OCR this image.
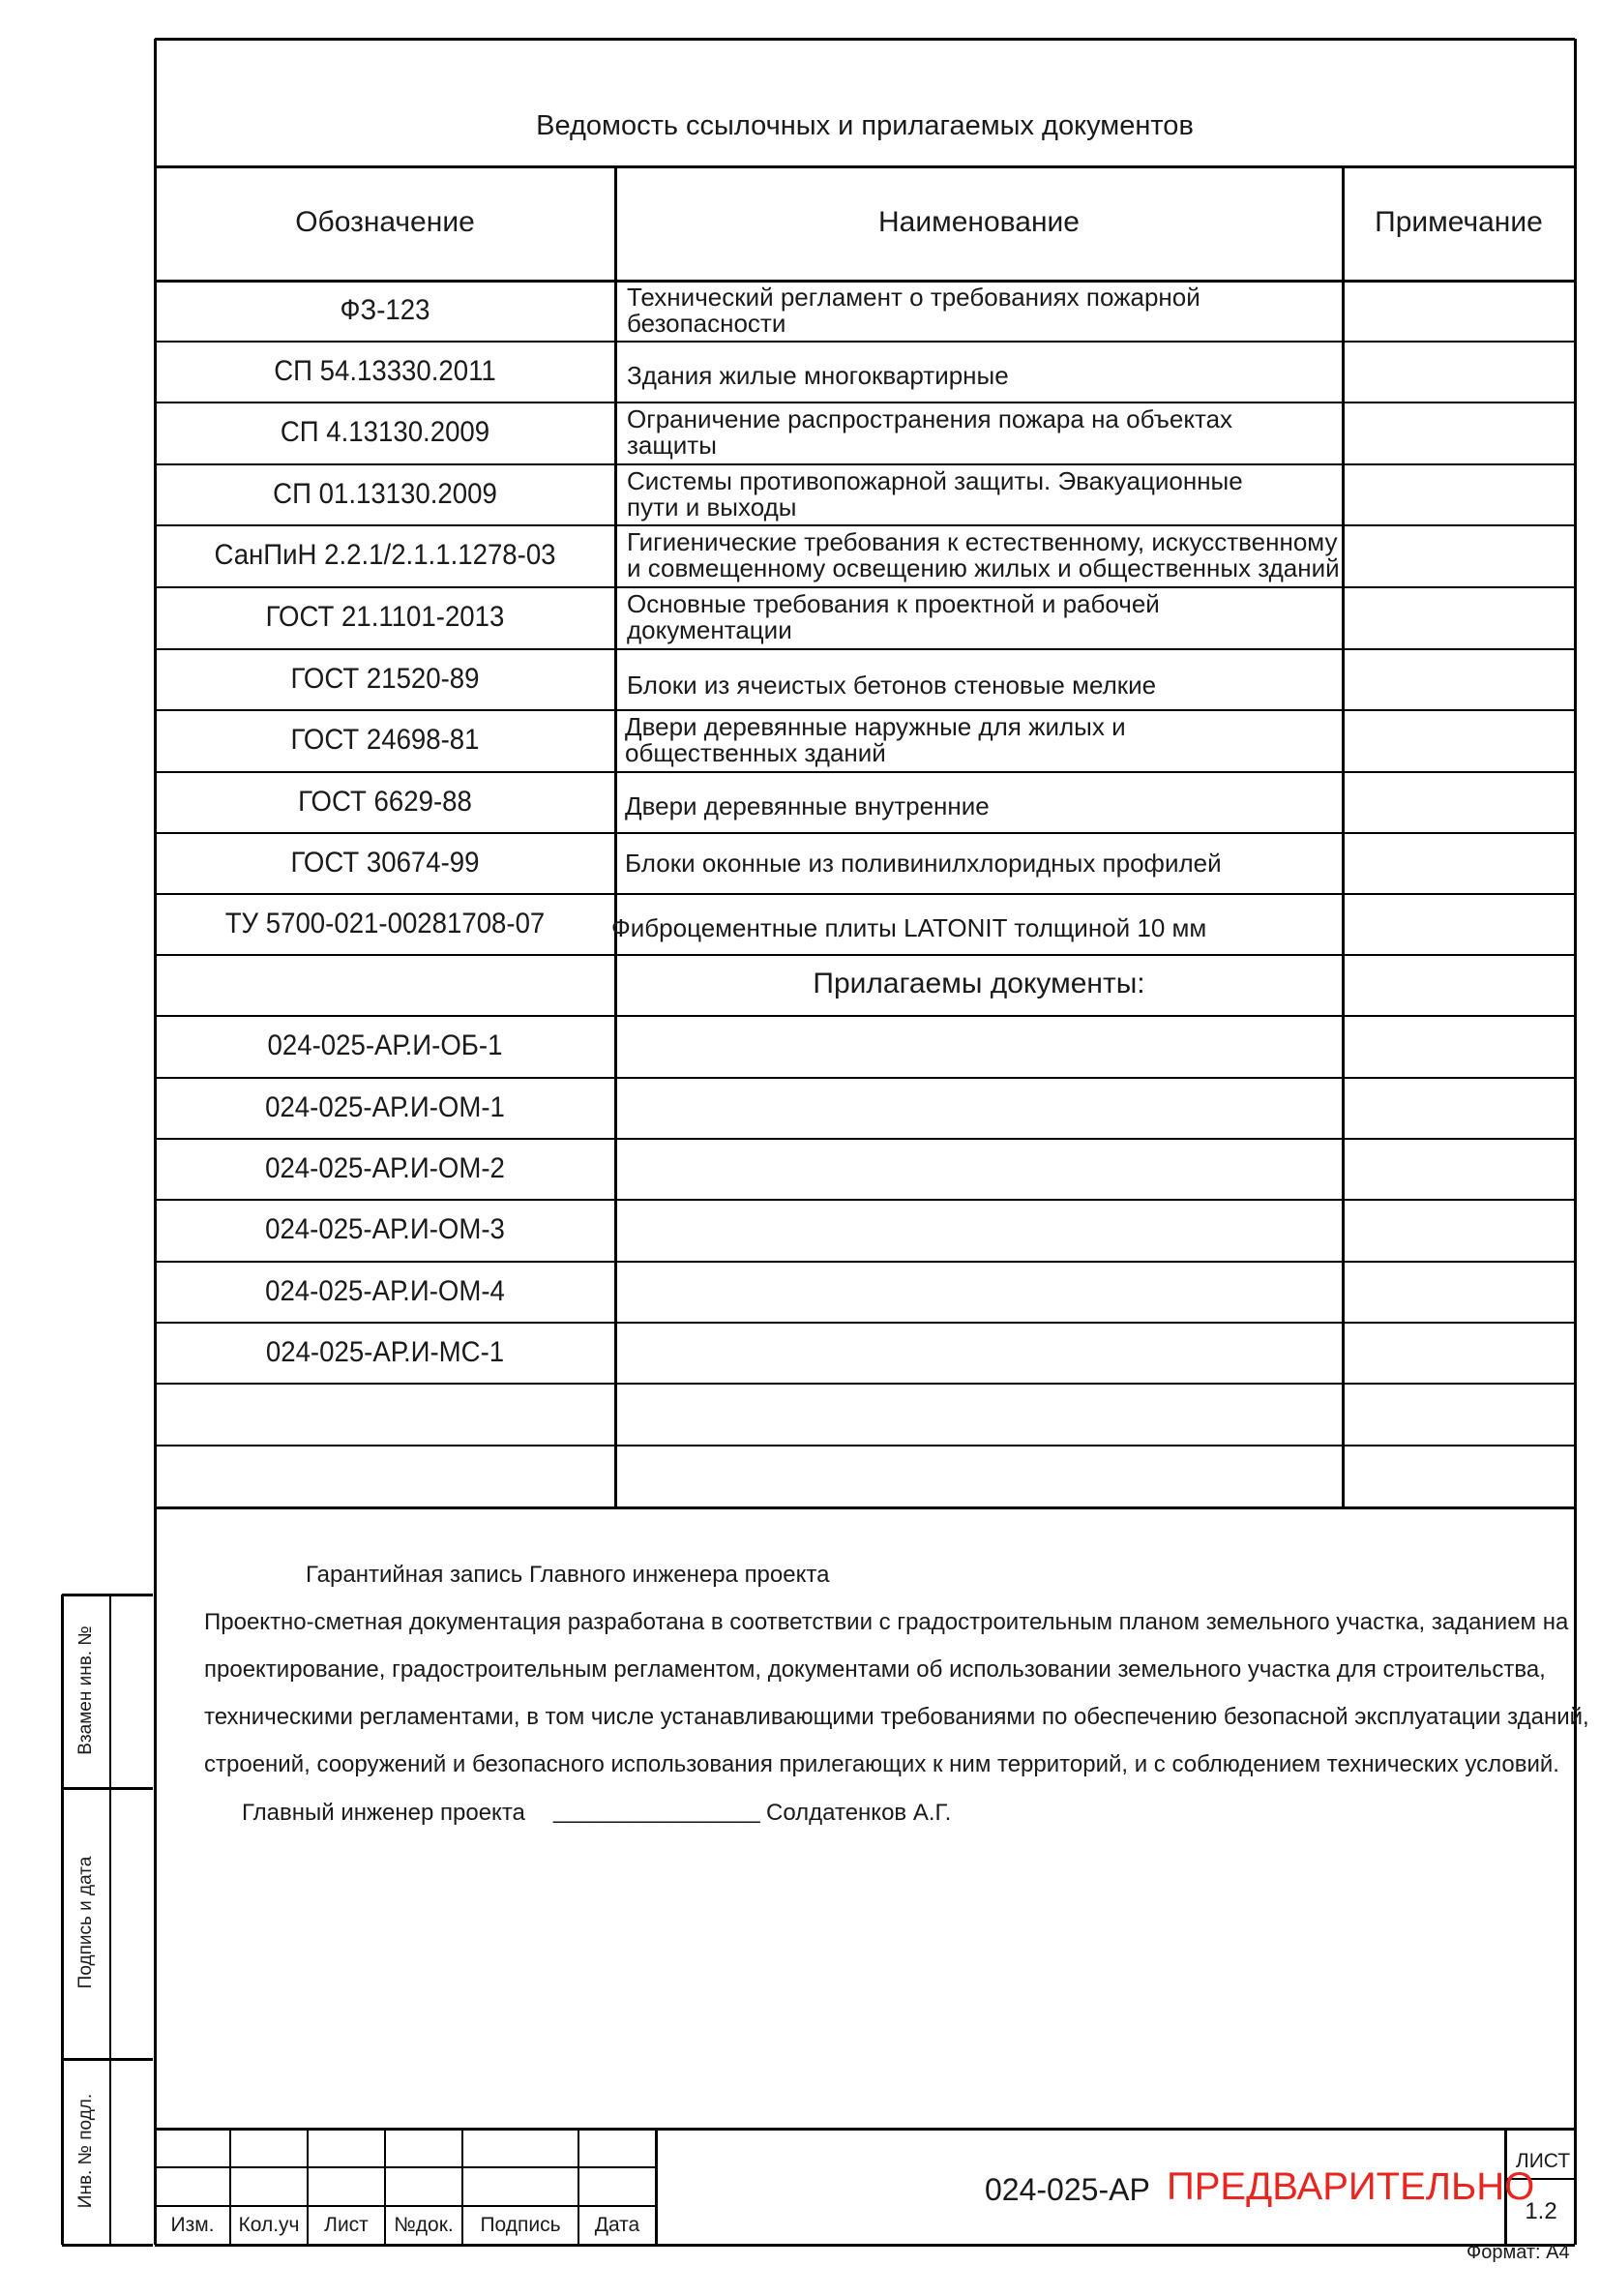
Ведомость ссылочных и прилагаемых документов
Обозначение	Наименование	Примечание
ФЗ-123	Технический регламент о требованиях пожарной
безопасности
СП 54.13330.2011	Здания жилые многоквартирные
СП 4.13130.2009	Ограничение распространения пожара на объектах
защиты
СП 01.13130.2009	Системы противопожарной защиты. Эвакуационные
пути и выходы
СанПиН 2.2.1/2.1.1.1278-03	Гигиенические требования к естественному, искусственному
и совмещенному освещению жилых и общественных зданий
ГОСТ 21.1101-2013	Основные требования к проектной и рабочей
документации
ГОСТ 21520-89	Блоки из ячеистых бетонов стеновые мелкие
ГОСТ 24698-81	Двери деревянные наружные для жилых и
общественных зданий
ГОСТ 6629-88	Двери деревянные внутренние
ГОСТ 30674-99	Блоки оконные из поливинилхлоридных профилей
ТУ 5700-021-00281708-07	Фиброцементные плиты LATONIT толщиной 10 мм
Прилагаемы документы:
024-025-АР.И-ОБ-1
024-025-АР.И-ОМ-1
024-025-АР.И-ОМ-2
024-025-АР.И-ОМ-3
024-025-АР.И-ОМ-4
024-025-АР.И-МС-1
Гарантийная запись Главного инженера проекта
Проектно-сметная документация разработана в соответствии с градостроительным планом земельного участка, заданием на
проектирование, градостроительным регламентом, документами об использовании земельного участка для строительства,
техническими регламентами, в том числе устанавливающими требованиями по обеспечению безопасной эксплуатации зданий,
строений, сооружений и безопасного использования прилегающих к ним территорий, и с соблюдением технических условий.
Главный инженер проекта ________________ Солдатенков А.Г.
Взамен инв. №
Подпись и дата
Инв. № подл.
Изм.	Кол.уч	Лист	№док.	Подпись	Дата
024-025-АР ПРЕДВАРИТЕЛЬНО
ЛИСТ
1.2
Формат: А4
